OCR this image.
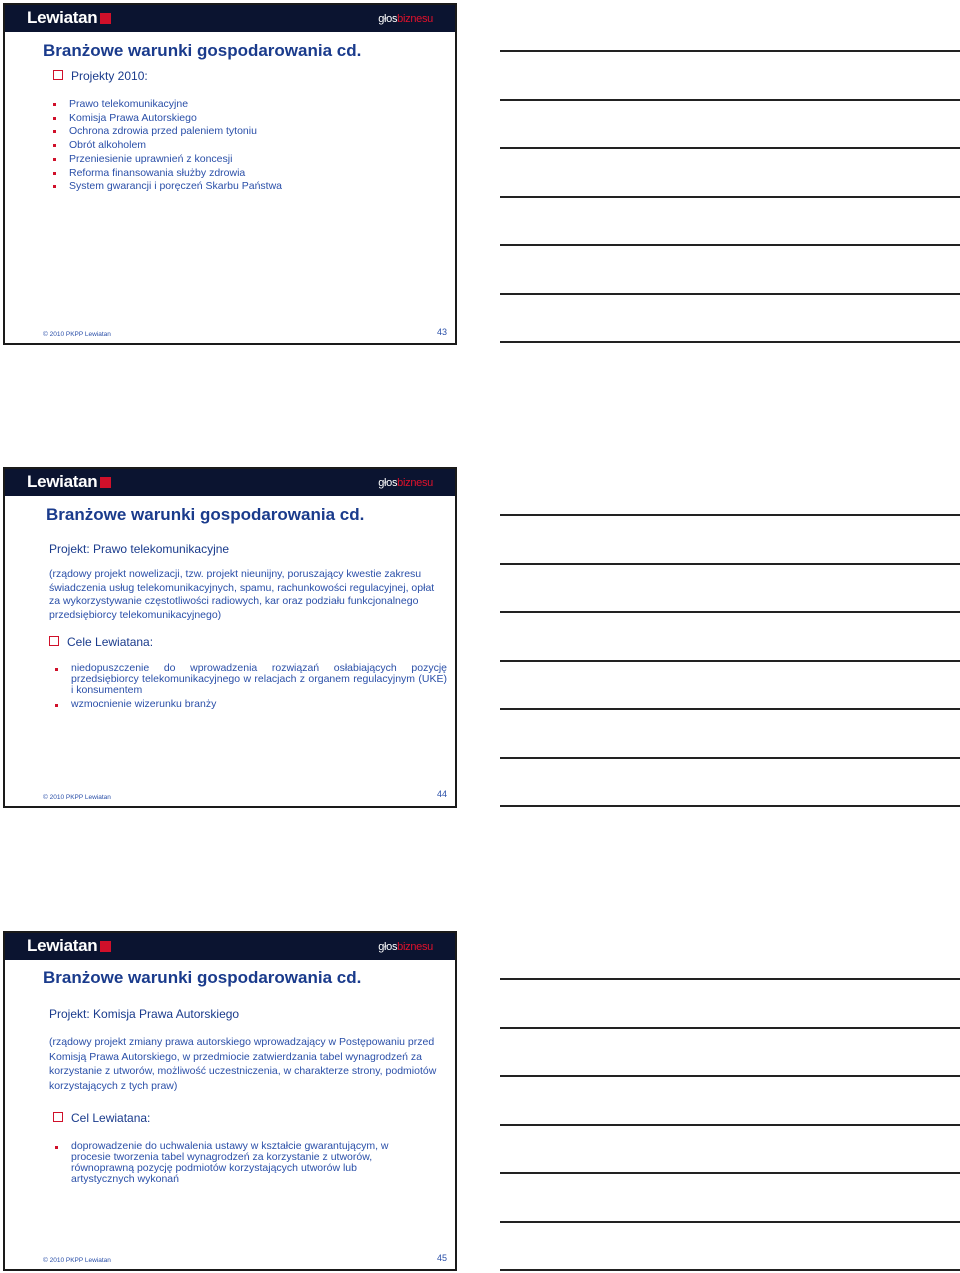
Lewiatan	głosbiznesu
Branżowe warunki gospodarowania cd.
Projekty 2010:
Prawo telekomunikacyjne
Komisja Prawa Autorskiego
Ochrona zdrowia przed paleniem tytoniu
Obrót alkoholem
Przeniesienie uprawnień z koncesji
Reforma finansowania służby zdrowia
System gwarancji i poręczeń Skarbu Państwa
© 2010 PKPP Lewiatan	43
Lewiatan	głosbiznesu
Branżowe warunki gospodarowania cd.
Projekt: Prawo telekomunikacyjne
(rządowy projekt nowelizacji, tzw. projekt nieunijny, poruszający kwestie zakresu świadczenia usług telekomunikacyjnych, spamu, rachunkowości regulacyjnej, opłat za wykorzystywanie częstotliwości radiowych, kar oraz podziału funkcjonalnego przedsiębiorcy telekomunikacyjnego)
Cele Lewiatana:
niedopuszczenie do wprowadzenia rozwiązań osłabiających pozycję przedsiębiorcy telekomunikacyjnego w relacjach z organem regulacyjnym (UKE) i konsumentem
wzmocnienie wizerunku branży
© 2010 PKPP Lewiatan	44
Lewiatan	głosbiznesu
Branżowe warunki gospodarowania cd.
Projekt: Komisja Prawa Autorskiego
(rządowy projekt zmiany prawa autorskiego wprowadzający w Postępowaniu przed Komisją Prawa Autorskiego, w przedmiocie zatwierdzania tabel wynagrodzeń za korzystanie z utworów, możliwość uczestniczenia, w charakterze strony, podmiotów korzystających z tych praw)
Cel Lewiatana:
doprowadzenie do uchwalenia ustawy w kształcie gwarantującym, w procesie tworzenia tabel wynagrodzeń za korzystanie z utworów, równoprawną pozycję podmiotów korzystających utworów lub artystycznych wykonań
© 2010 PKPP Lewiatan	45
